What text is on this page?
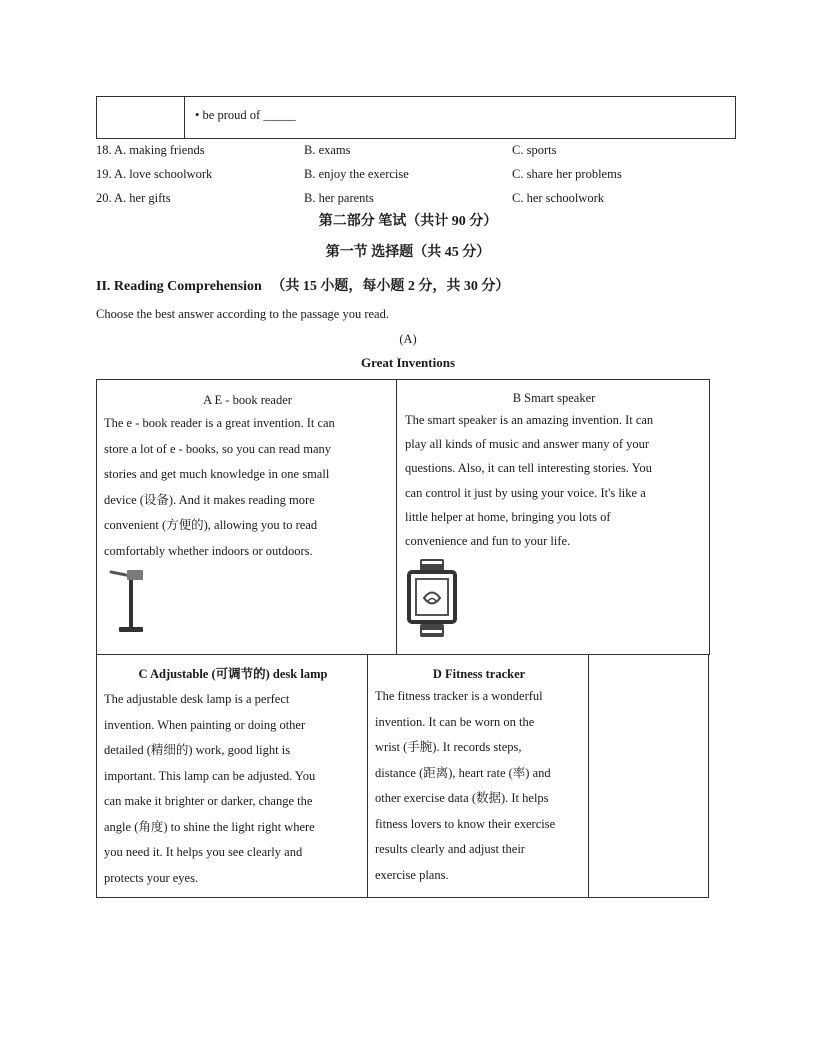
• be proud of ______
18. A. making friends	B. exams	C. sports
19. A. love schoolwork	B. enjoy the exercise	C. share her problems
20. A. her gifts	B. her parents	C. her schoolwork
第二部分 笔试（共计 90 分）
第一节 选择题（共 45 分）
II. Reading Comprehension （共 15 小题，每小题 2 分，共 30 分）
Choose the best answer according to the passage you read.
(A)
Great Inventions
A E - book reader
The e - book reader is a great invention. It can
store a lot of e - books, so you can read many
stories and get much knowledge in one small
device (设备). And it makes reading more
convenient (方便的), allowing you to read
comfortably whether indoors or outdoors.
B Smart speaker
The smart speaker is an amazing invention. It can
play all kinds of music and answer many of your
questions. Also, it can tell interesting stories. You
can control it just by using your voice. It's like a
little helper at home, bringing you lots of
convenience and fun to your life.
C Adjustable (可调节的) desk lamp
The adjustable desk lamp is a perfect
invention. When painting or doing other
detailed (精细的) work, good light is
important. This lamp can be adjusted. You
can make it brighter or darker, change the
angle (角度) to shine the light right where
you need it. It helps you see clearly and
protects your eyes.
D Fitness tracker
The fitness tracker is a wonderful
invention. It can be worn on the
wrist (手腕). It records steps,
distance (距离), heart rate (率) and
other exercise data (数据). It helps
fitness lovers to know their exercise
results clearly and adjust their
exercise plans.
